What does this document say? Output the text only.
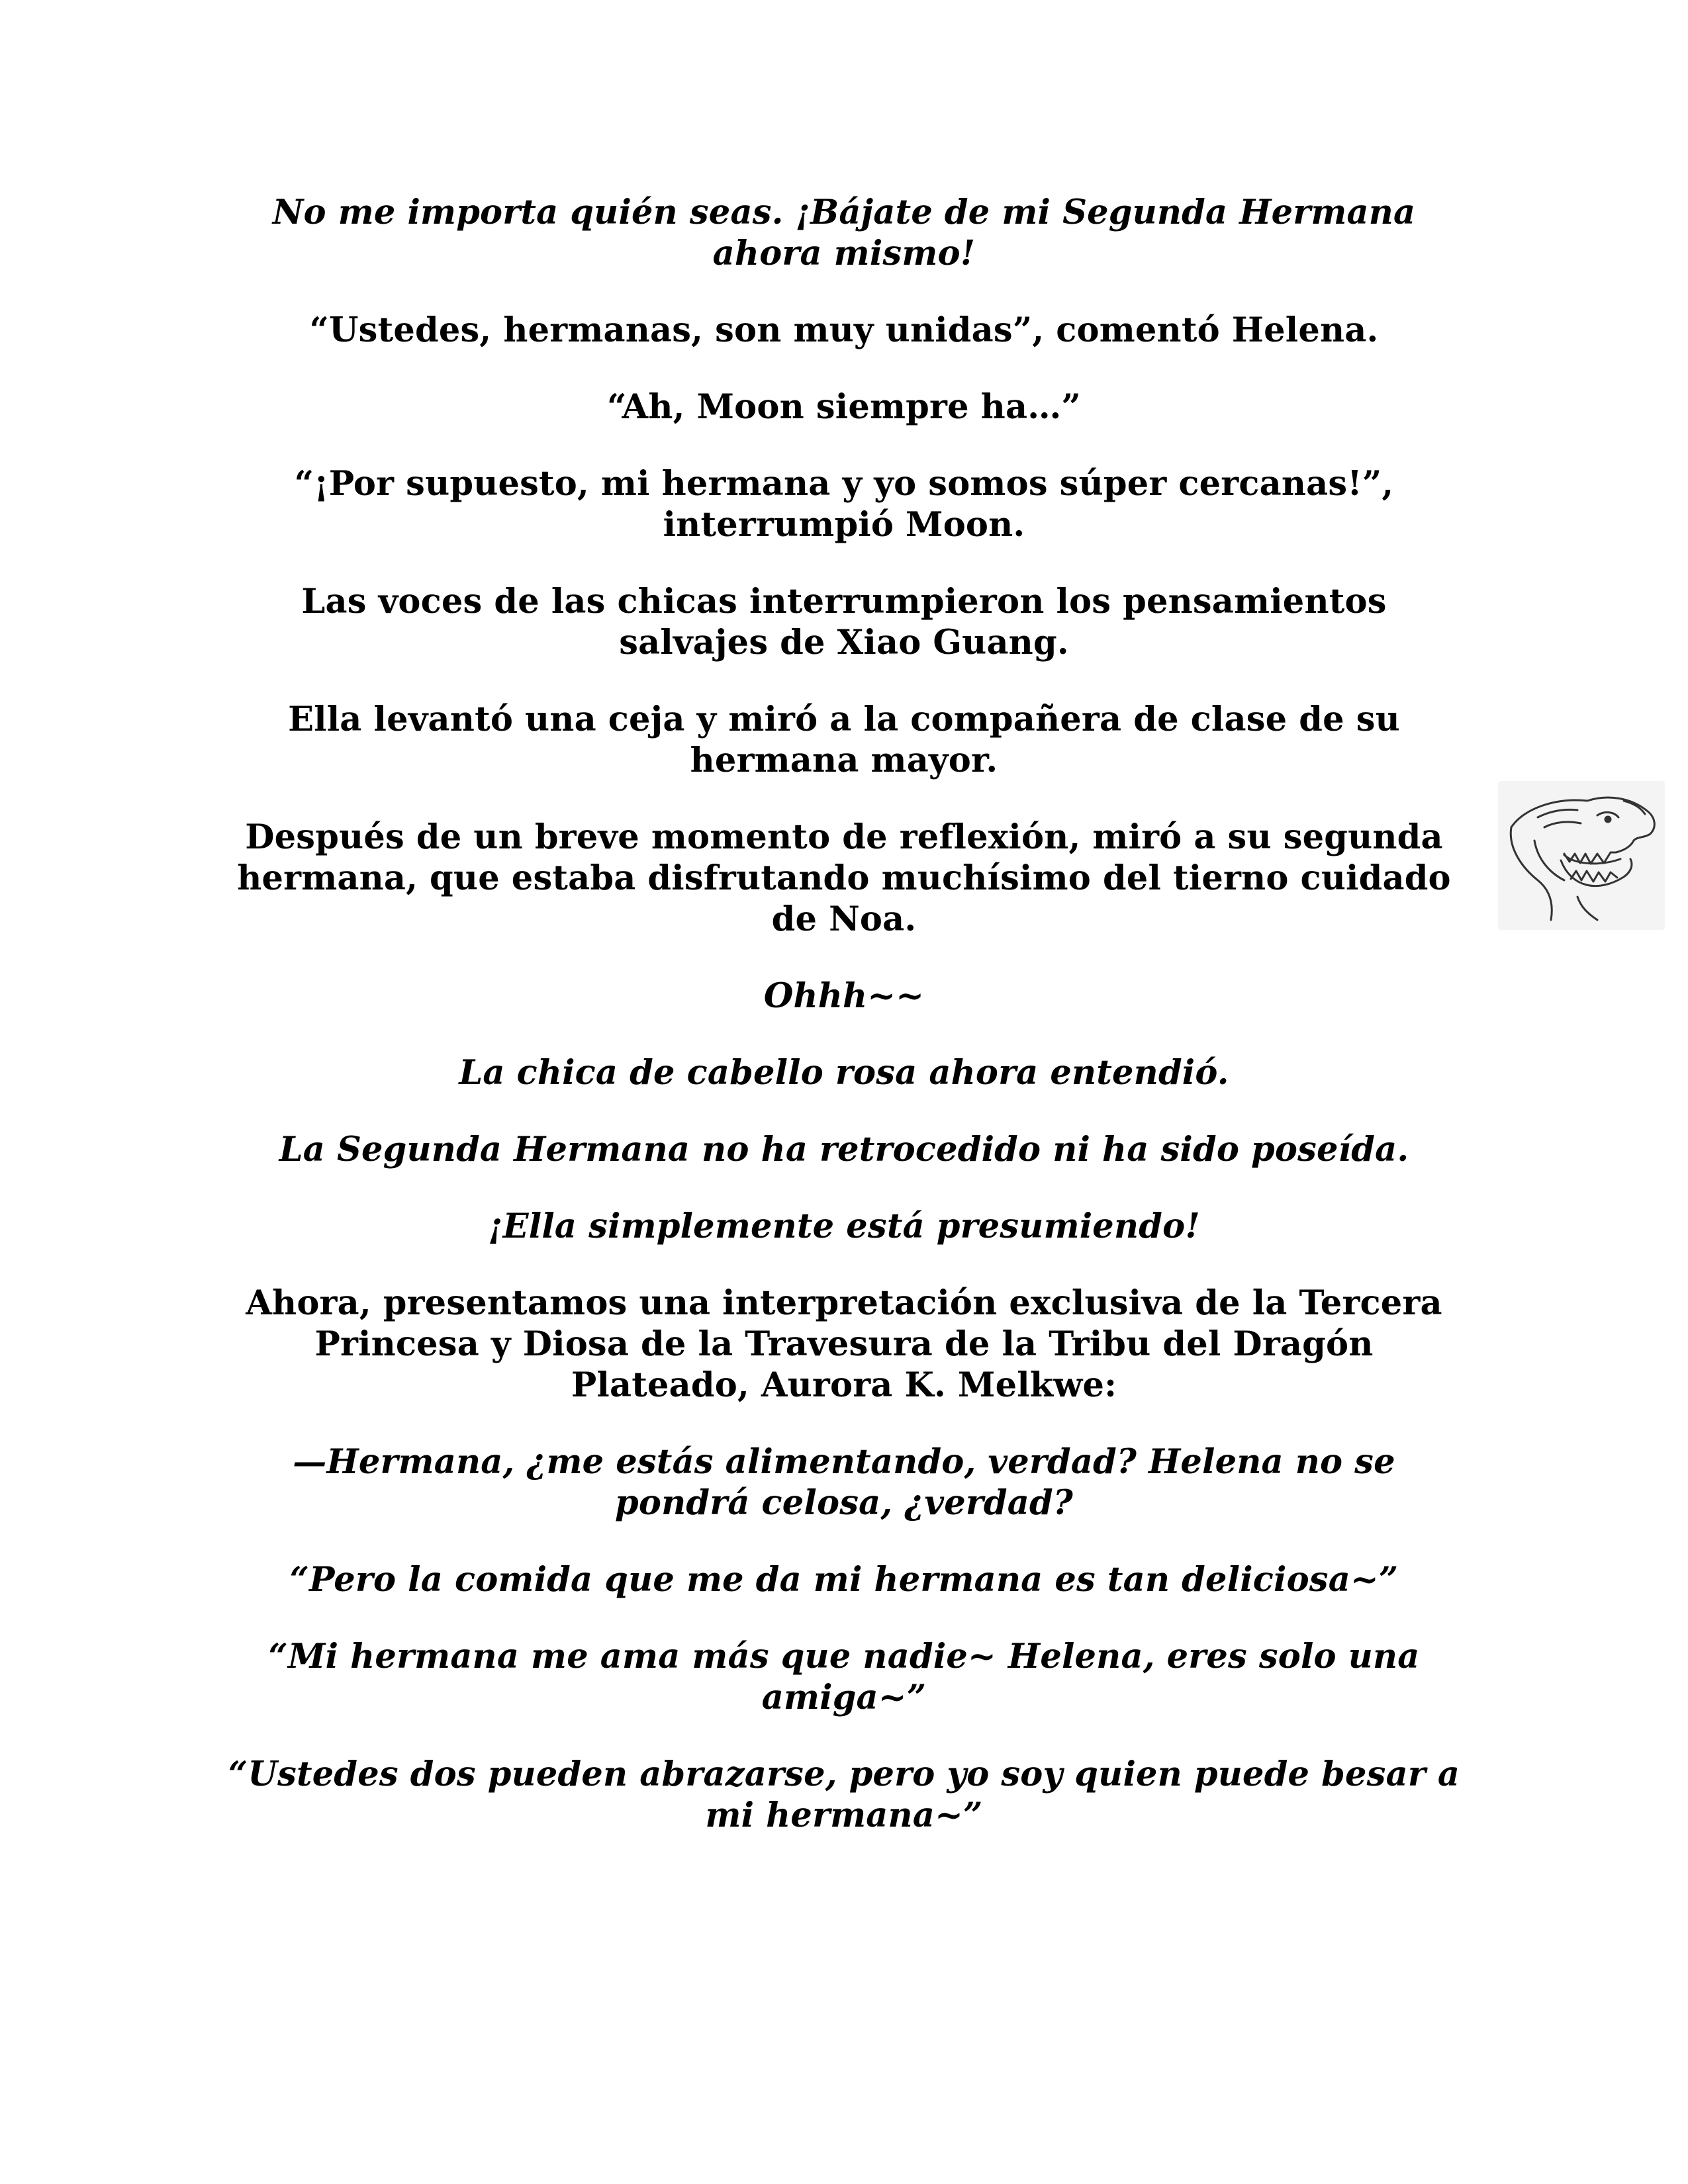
No me importa quién seas. ¡Bájate de mi Segunda Hermana ahora mismo!

“Ustedes, hermanas, son muy unidas”, comentó Helena.

“Ah, Moon siempre ha…”

“¡Por supuesto, mi hermana y yo somos súper cercanas!”, interrumpió Moon.

Las voces de las chicas interrumpieron los pensamientos salvajes de Xiao Guang.

Ella levantó una ceja y miró a la compañera de clase de su hermana mayor.

Después de un breve momento de reflexión, miró a su segunda hermana, que estaba disfrutando muchísimo del tierno cuidado de Noa.

Ohhh~~

La chica de cabello rosa ahora entendió.

La Segunda Hermana no ha retrocedido ni ha sido poseída.

¡Ella simplemente está presumiendo!

Ahora, presentamos una interpretación exclusiva de la Tercera Princesa y Diosa de la Travesura de la Tribu del Dragón Plateado, Aurora K. Melkwe:

—Hermana, ¿me estás alimentando, verdad? Helena no se pondrá celosa, ¿verdad?

“Pero la comida que me da mi hermana es tan deliciosa~”

“Mi hermana me ama más que nadie~ Helena, eres solo una amiga~”

“Ustedes dos pueden abrazarse, pero yo soy quien puede besar a mi hermana~”
